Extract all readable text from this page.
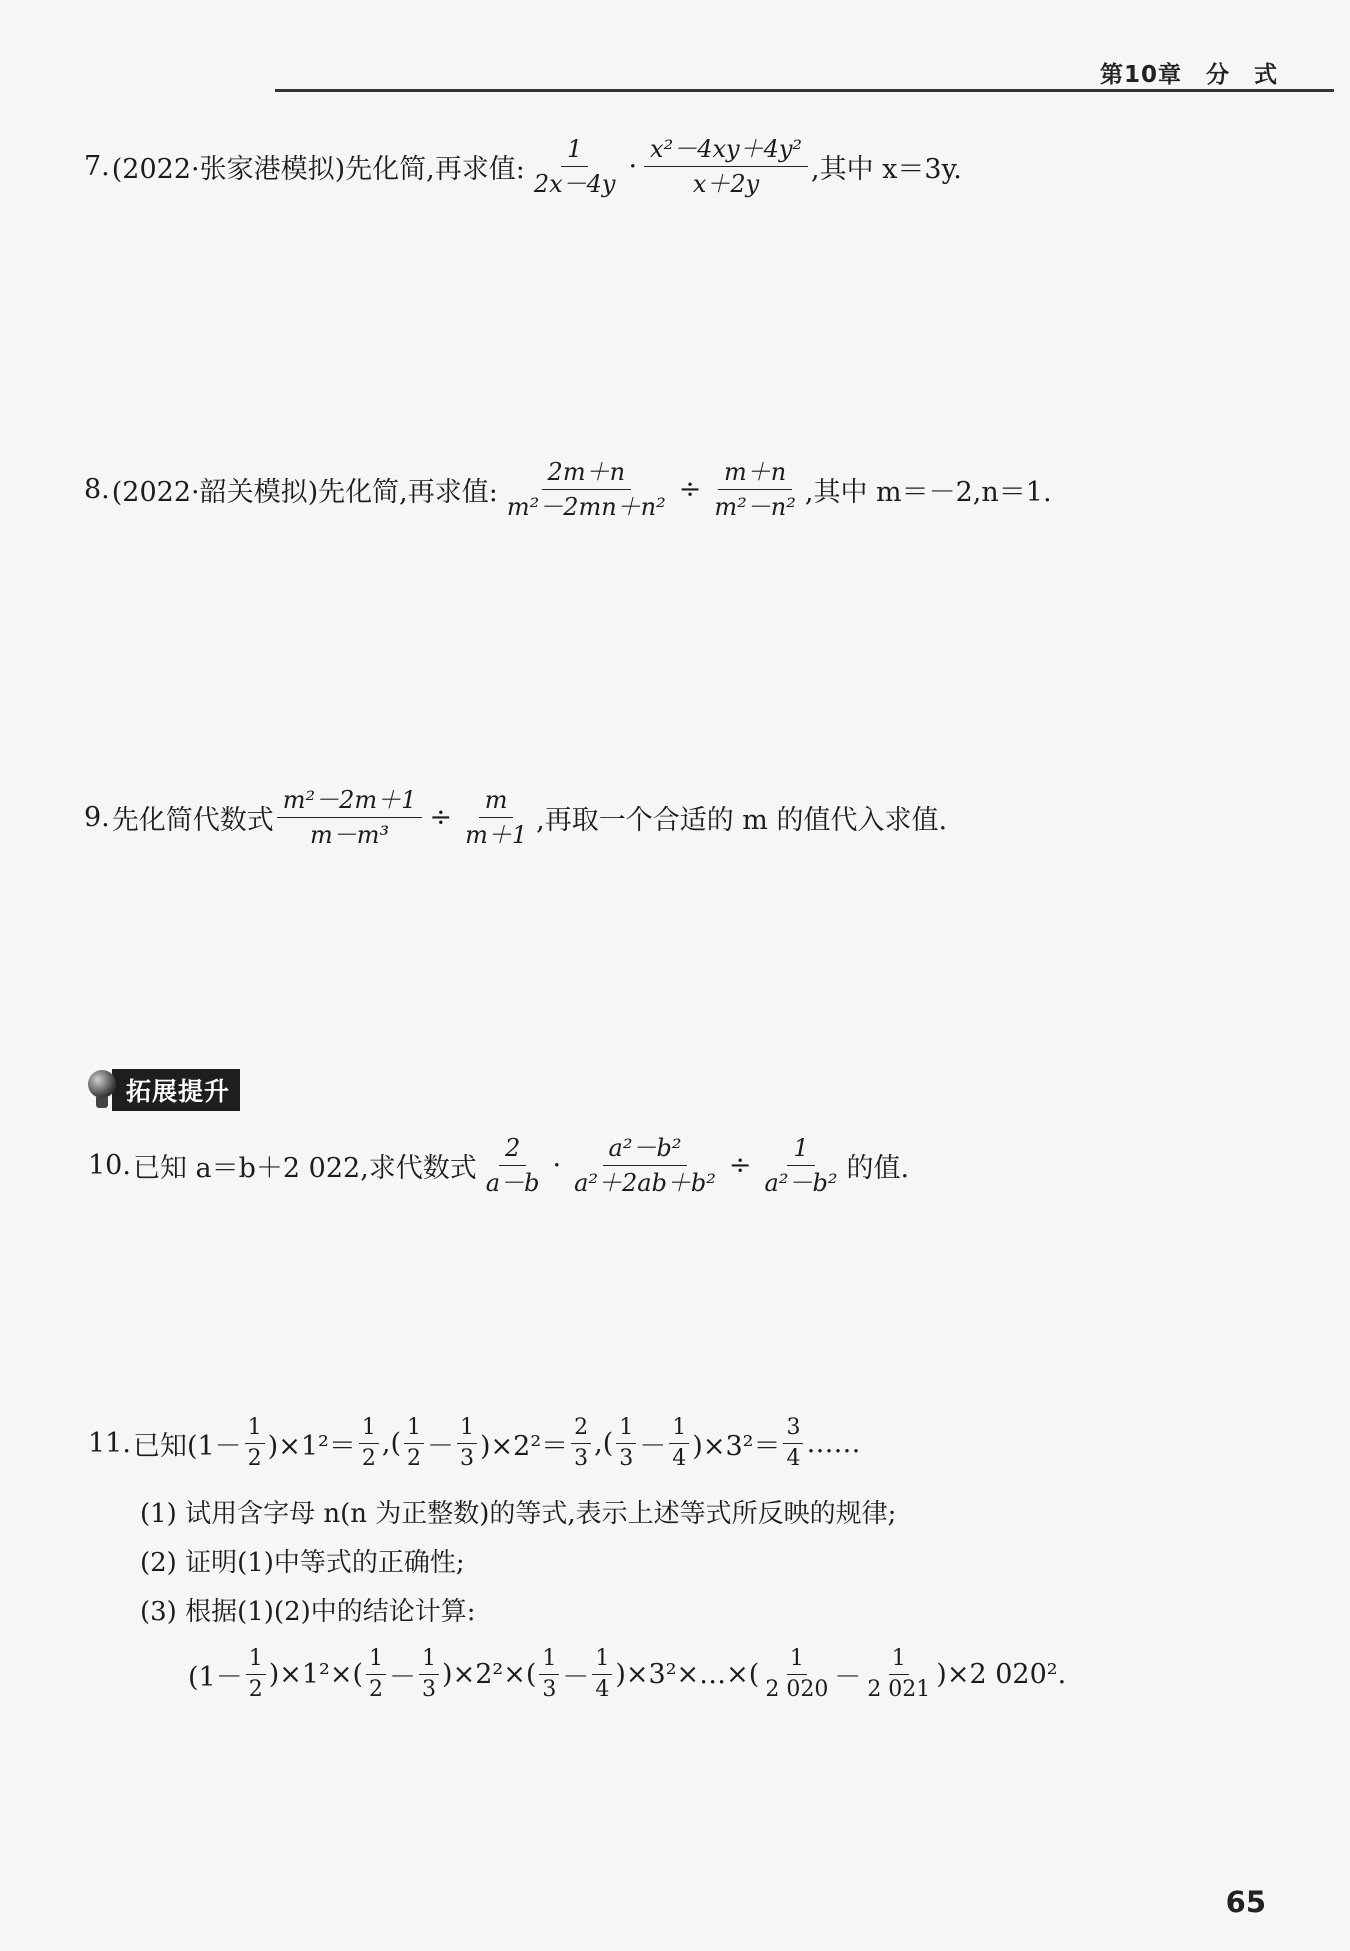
第10章　分　式
7. (2022·张家港模拟)先化简,再求值: $\frac{1}{2x-4y} \cdot \frac{\text{x²－4xy＋4y²}}{x+2y}$ ,其中 x＝3y.
8. (2022·韶关模拟)先化简,再求值: $\frac{2m+n}{\text{m²－2mn＋n²}} \div \frac{m+n}{\text{m²－n²}}$ ,其中 m＝－2,n＝1.
9. 先化简代数式 $\frac{\text{m²－2m＋1}}{\text{m－m³}} \div \frac{m}{m+1}$ ,再取一个合适的 m 的值代入求值.
拓展提升
10. 已知 a＝b＋2 022,求代数式 $\frac{2}{a-b} \cdot \frac{\text{a²－b²}}{\text{a²＋2ab＋b²}} \div \frac{1}{\text{a²－b²}}$ 的值.
11. 已知 $(1- \frac{1}{2} )\times 1^2= \frac{1}{2}$ , ( $\frac{1}{2} - \frac{1}{3} )\times 2^2= \frac{2}{3}$ , ( $\frac{1}{3} - \frac{1}{4} )\times 3^2= \frac{3}{4}$ ……
(1) 试用含字母 n(n 为正整数)的等式,表示上述等式所反映的规律;
(2) 证明(1)中等式的正确性;
(3) 根据(1)(2)中的结论计算:
$(1- \frac{1}{2} )\times 1^2\times( \frac{1}{2} - \frac{1}{3} )\times 2^2\times( \frac{1}{3} - \frac{1}{4}$ )×3²×…×( $\frac{1}{2 020} - \frac{1}{2 021} )\times 2$ 020².
65
